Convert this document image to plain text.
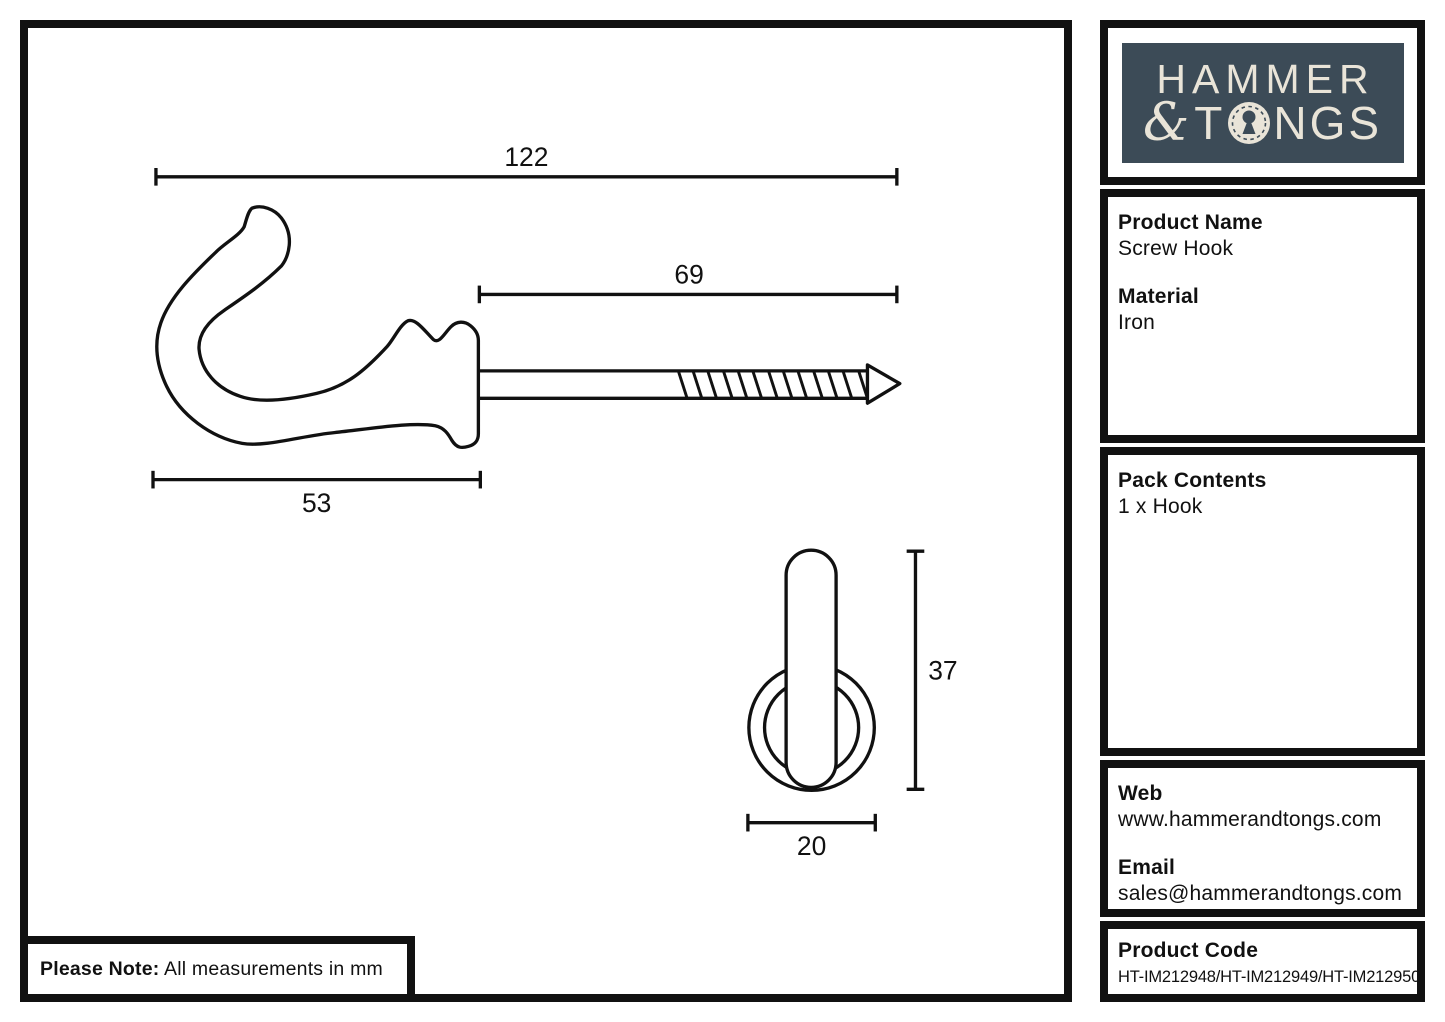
122
69
53
37
20
Please Note: All measurements in mm
HAMMER
& T NGS
Product Name
Screw Hook
Material
Iron
Pack Contents
1 x Hook
Web
www.hammerandtongs.com
Email
sales@hammerandtongs.com
Product Code
HT-IM212948/HT-IM212949/HT-IM212950
